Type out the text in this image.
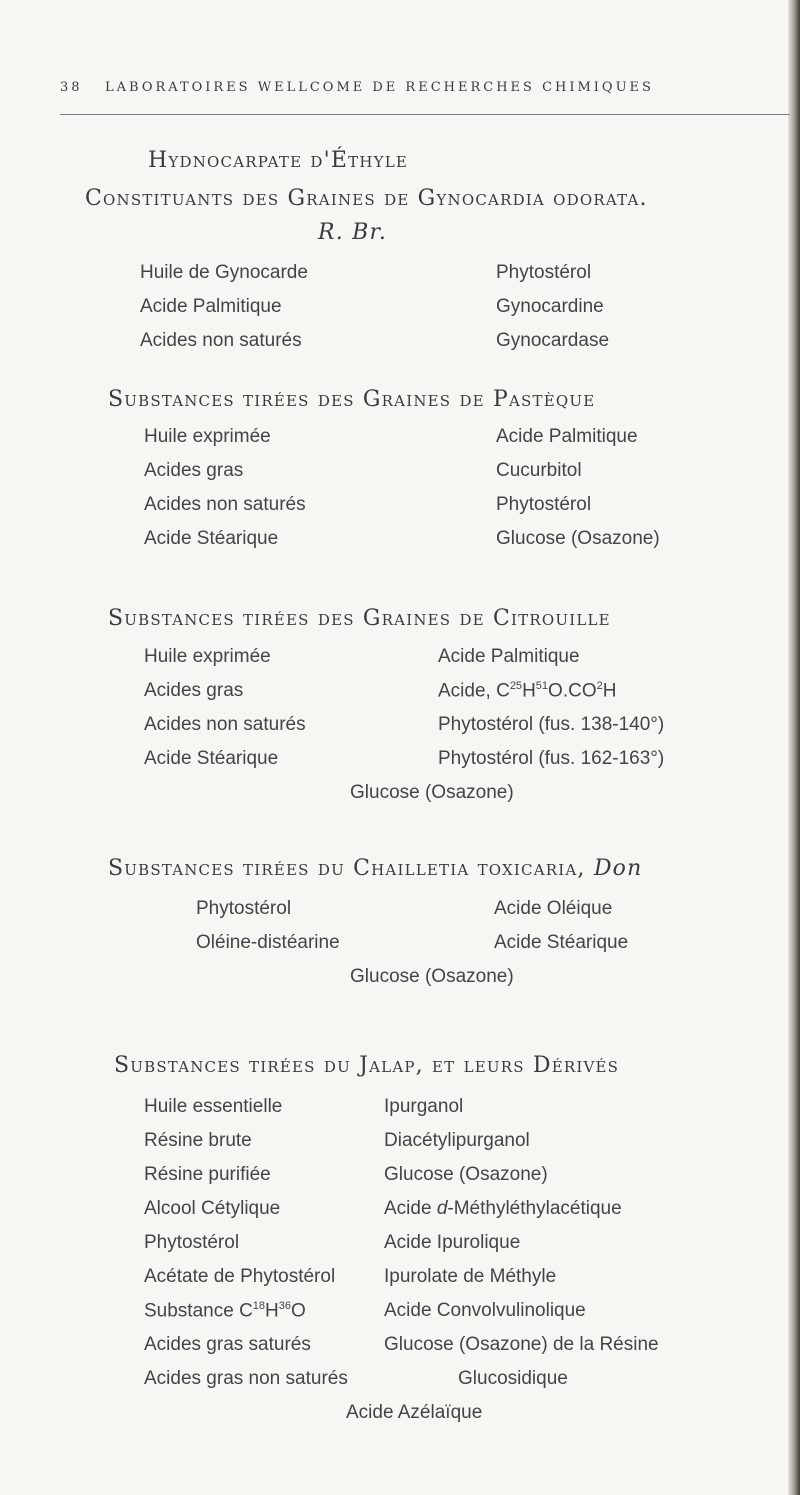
38 LABORATOIRES WELLCOME DE RECHERCHES CHIMIQUES
Hydnocarpate d'Éthyle
Constituants des Graines de Gynocardia odorata.
R. Br.
Huile de Gynocarde
Acide Palmitique
Acides non saturés
Phytostérol
Gynocardine
Gynocardase
Substances tirées des Graines de Pastèque
Huile exprimée
Acides gras
Acides non saturés
Acide Stéarique
Acide Palmitique
Cucurbitol
Phytostérol
Glucose (Osazone)
Substances tirées des Graines de Citrouille
Huile exprimée
Acides gras
Acides non saturés
Acide Stéarique
Acide Palmitique
Acide, $C^{25}H^{51}O.CO^2H$
Phytostérol (fus. 138-140°)
Phytostérol (fus. 162-163°)
Glucose (Osazone)
Substances tirées du Chailletia toxicaria, Don
Phytostérol
Oléine-distéarine
Acide Oléique
Acide Stéarique
Glucose (Osazone)
Substances tirées du Jalap, et leurs Dérivés
Huile essentielle
Résine brute
Résine purifiée
Alcool Cétylique
Phytostérol
Acétate de Phytostérol
Substance $C^{18}H^{36}O$
Acides gras saturés
Acides gras non saturés
Ipurganol
Diacétylipurganol
Glucose (Osazone)
Acide d-Méthyléthylacétique
Acide Ipurolique
Ipurolate de Méthyle
Acide Convolvulinolique
Glucose (Osazone) de la Résine
Glucosidique
Acide Azélaïque
